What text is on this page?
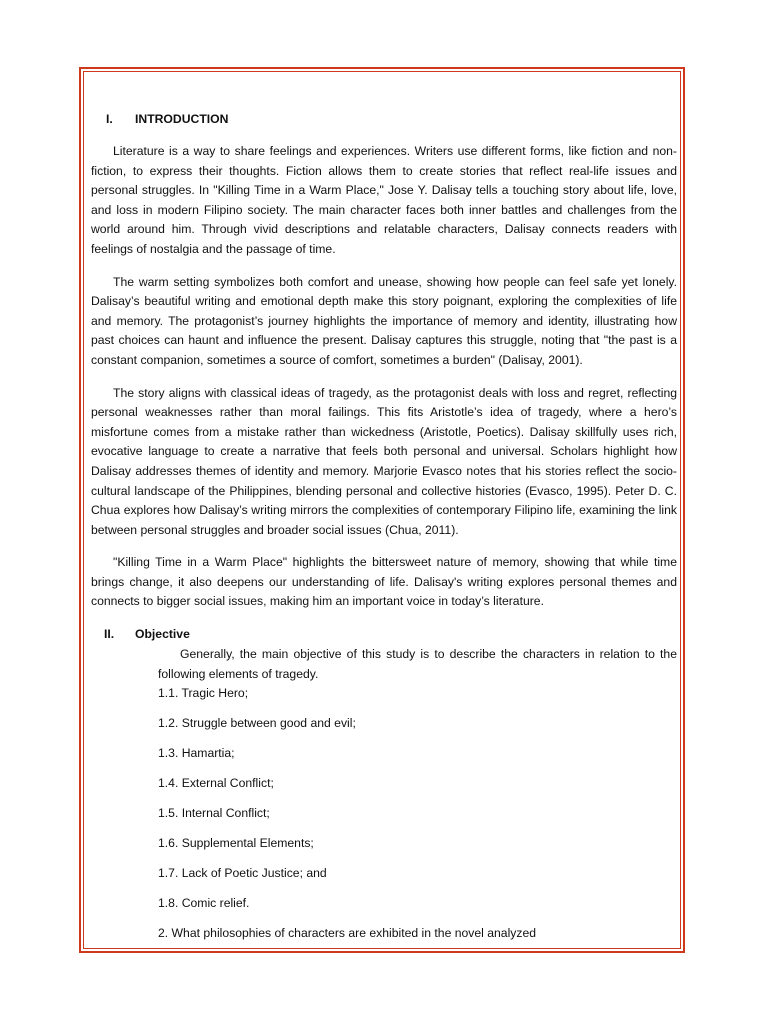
I. INTRODUCTION

Literature is a way to share feelings and experiences. Writers use different forms, like fiction and non-fiction, to express their thoughts. Fiction allows them to create stories that reflect real-life issues and personal struggles. In "Killing Time in a Warm Place," Jose Y. Dalisay tells a touching story about life, love, and loss in modern Filipino society. The main character faces both inner battles and challenges from the world around him. Through vivid descriptions and relatable characters, Dalisay connects readers with feelings of nostalgia and the passage of time.

The warm setting symbolizes both comfort and unease, showing how people can feel safe yet lonely. Dalisay’s beautiful writing and emotional depth make this story poignant, exploring the complexities of life and memory. The protagonist’s journey highlights the importance of memory and identity, illustrating how past choices can haunt and influence the present. Dalisay captures this struggle, noting that "the past is a constant companion, sometimes a source of comfort, sometimes a burden" (Dalisay, 2001).

The story aligns with classical ideas of tragedy, as the protagonist deals with loss and regret, reflecting personal weaknesses rather than moral failings. This fits Aristotle’s idea of tragedy, where a hero’s misfortune comes from a mistake rather than wickedness (Aristotle, Poetics). Dalisay skillfully uses rich, evocative language to create a narrative that feels both personal and universal. Scholars highlight how Dalisay addresses themes of identity and memory. Marjorie Evasco notes that his stories reflect the socio-cultural landscape of the Philippines, blending personal and collective histories (Evasco, 1995). Peter D. C. Chua explores how Dalisay’s writing mirrors the complexities of contemporary Filipino life, examining the link between personal struggles and broader social issues (Chua, 2011).

"Killing Time in a Warm Place" highlights the bittersweet nature of memory, showing that while time brings change, it also deepens our understanding of life. Dalisay's writing explores personal themes and connects to bigger social issues, making him an important voice in today’s literature.

II. Objective

Generally, the main objective of this study is to describe the characters in relation to the following elements of tragedy.

1.1. Tragic Hero;
1.2. Struggle between good and evil;
1.3. Hamartia;
1.4. External Conflict;
1.5. Internal Conflict;
1.6. Supplemental Elements;
1.7. Lack of Poetic Justice; and
1.8. Comic relief.
2. What philosophies of characters are exhibited in the novel analyzed
